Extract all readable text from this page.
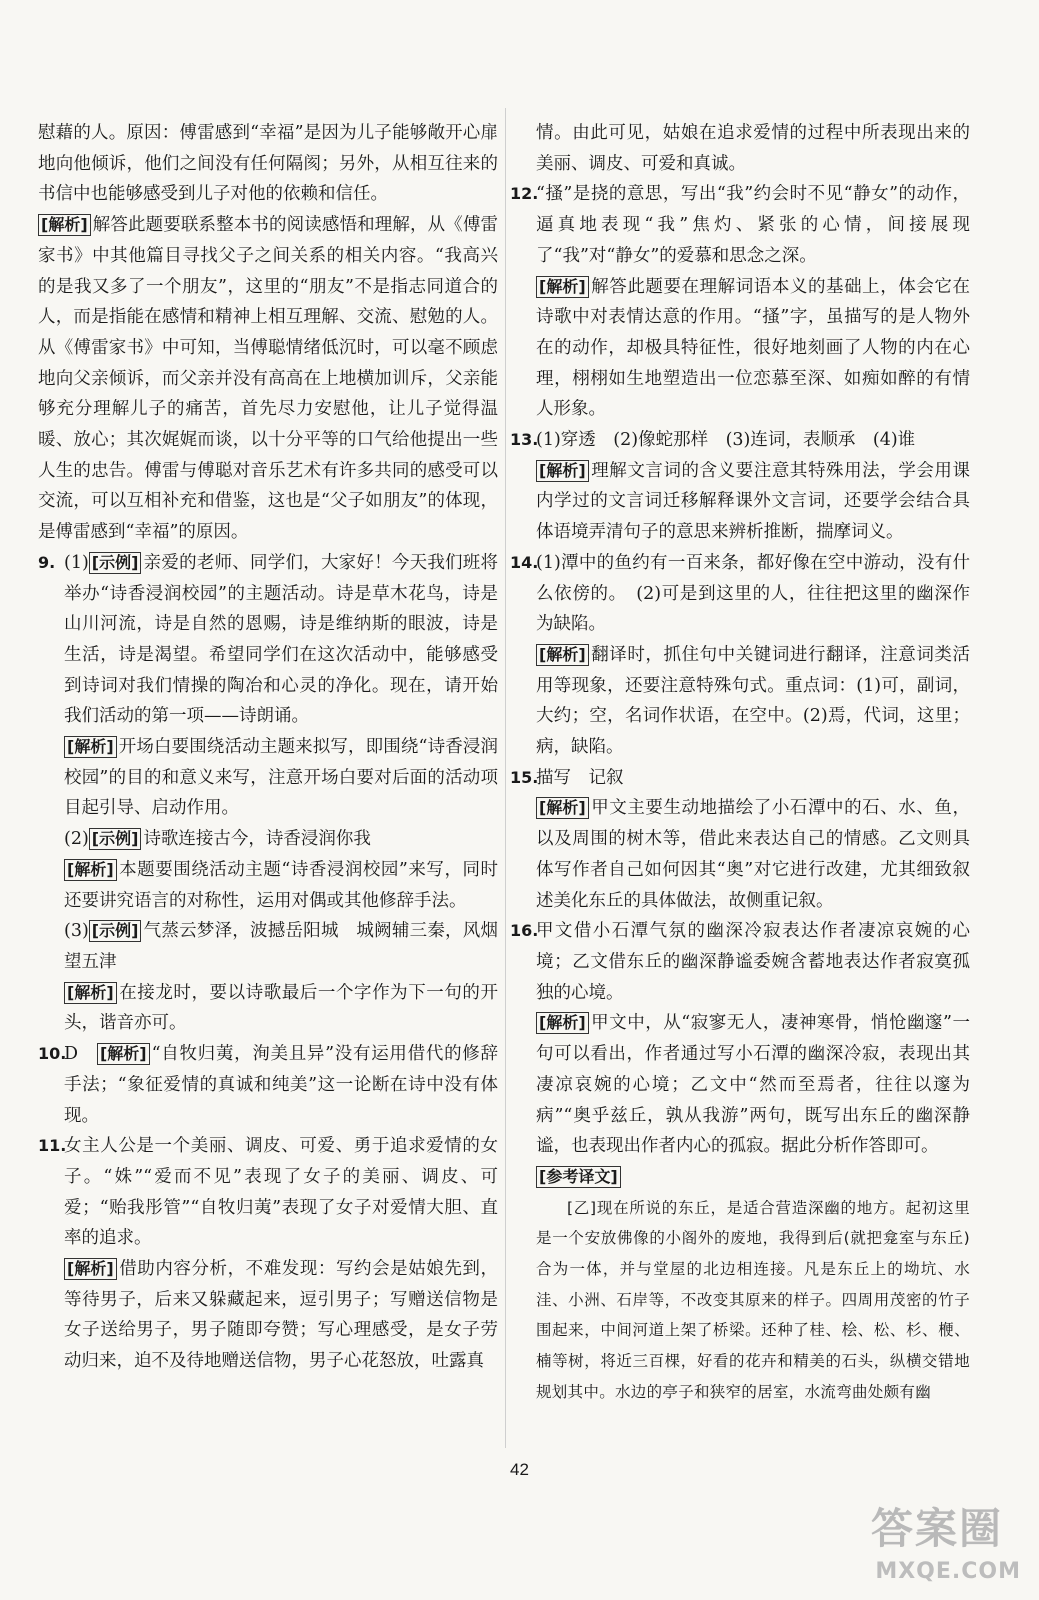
慰藉的人。原因：傅雷感到“幸福”是因为儿子能够敞开心扉地向他倾诉，他们之间没有任何隔阂；另外，从相互往来的书信中也能够感受到儿子对他的依赖和信任。

[ 解析 ] 解答此题要联系整本书的阅读感悟和理解，从《傅雷家书》中其他篇目寻找父子之间关系的相关内容。“我高兴的是我又多了一个朋友”，这里的“朋友”不是指志同道合的人，而是指能在感情和精神上相互理解、交流、慰勉的人。从《傅雷家书》中可知，当傅聪情绪低沉时，可以毫不顾虑地向父亲倾诉，而父亲并没有高高在上地横加训斥，父亲能够充分理解儿子的痛苦，首先尽力安慰他，让儿子觉得温暖、放心；其次娓娓而谈，以十分平等的口气给他提出一些人生的忠告。傅雷与傅聪对音乐艺术有许多共同的感受可以交流，可以互相补充和借鉴，这也是“父子如朋友”的体现，是傅雷感到“幸福”的原因。

9. (1) [ 示例 ] 亲爱的老师、同学们，大家好！今天我们班将举办“诗香浸润校园”的主题活动。诗是草木花鸟，诗是山川河流，诗是自然的恩赐，诗是维纳斯的眼波，诗是生活，诗是渴望。希望同学们在这次活动中，能够感受到诗词对我们情操的陶冶和心灵的净化。现在，请开始我们活动的第一项——诗朗诵。

[ 解析 ] 开场白要围绕活动主题来拟写，即围绕“诗香浸润校园”的目的和意义来写，注意开场白要对后面的活动项目起引导、启动作用。

(2) [ 示例 ] 诗歌连接古今，诗香浸润你我

[ 解析 ] 本题要围绕活动主题“诗香浸润校园”来写，同时还要讲究语言的对称性，运用对偶或其他修辞手法。

(3) [ 示例 ] 气蒸云梦泽，波撼岳阳城　城阙辅三秦，风烟望五津

[ 解析 ] 在接龙时，要以诗歌最后一个字作为下一句的开头，谐音亦可。

10.

D　[ 解析 ] “自牧归荑，洵美且异”没有运用借代的修辞手法；“象征爱情的真诚和纯美”这一论断在诗中没有体现。

11.

女主人公是一个美丽、调皮、可爱、勇于追求爱情的女子。“姝”“爱而不见”表现了女子的美丽、调皮、可爱；“贻我彤管”“自牧归荑”表现了女子对爱情大胆、直率的追求。

[ 解析 ] 借助内容分析，不难发现：写约会是姑娘先到，等待男子，后来又躲藏起来，逗引男子；写赠送信物是女子送给男子，男子随即夸赞；写心理感受，是女子劳动归来，迫不及待地赠送信物，男子心花怒放，吐露真

情。由此可见，姑娘在追求爱情的过程中所表现出来的美丽、调皮、可爱和真诚。

12.

“搔”是挠的意思，写出“我”约会时不见“静女”的动作，逼真地表现“我”焦灼、紧张的心情，间接展现了“我”对“静女”的爱慕和思念之深。

[ 解析 ] 解答此题要在理解词语本义的基础上，体会它在诗歌中对表情达意的作用。“搔”字，虽描写的是人物外在的动作，却极具特征性，很好地刻画了人物的内在心理，栩栩如生地塑造出一位恋慕至深、如痴如醉的有情人形象。

13.

(1)穿透　(2)像蛇那样　(3)连词，表顺承　(4)谁

[ 解析 ] 理解文言词的含义要注意其特殊用法，学会用课内学过的文言词迁移解释课外文言词，还要学会结合具体语境弄清句子的意思来辨析推断，揣摩词义。

14.

(1)潭中的鱼约有一百来条，都好像在空中游动，没有什么依傍的。　(2)可是到这里的人，往往把这里的幽深作为缺陷。

[ 解析 ] 翻译时，抓住句中关键词进行翻译，注意词类活用等现象，还要注意特殊句式。重点词：(1)可，副词，大约；空，名词作状语，在空中。(2)焉，代词，这里；病，缺陷。

15.

描写　记叙

[ 解析 ] 甲文主要生动地描绘了小石潭中的石、水、鱼，以及周围的树木等，借此来表达自己的情感。乙文则具体写作者自己如何因其“奥”对它进行改建，尤其细致叙述美化东丘的具体做法，故侧重记叙。

16.

甲文借小石潭气氛的幽深冷寂表达作者凄凉哀婉的心境；乙文借东丘的幽深静谧委婉含蓄地表达作者寂寞孤独的心境。

[ 解析 ] 甲文中，从“寂寥无人，凄神寒骨，悄怆幽邃”一句可以看出，作者通过写小石潭的幽深冷寂，表现出其凄凉哀婉的心境；乙文中“然而至焉者，往往以邃为病”“奥乎兹丘，孰从我游”两句，既写出东丘的幽深静谧，也表现出作者内心的孤寂。据此分析作答即可。

[ 参考译文 ]

[乙]现在所说的东丘，是适合营造深幽的地方。起初这里是一个安放佛像的小阁外的废地，我得到后(就把龛室与东丘)合为一体，并与堂屋的北边相连接。凡是东丘上的坳坑、水洼、小洲、石岸等，不改变其原来的样子。四周用茂密的竹子围起来，中间河道上架了桥梁。还种了桂、桧、松、杉、楩、楠等树，将近三百棵，好看的花卉和精美的石头，纵横交错地规划其中。水边的亭子和狭窄的居室，水流弯曲处颇有幽

42
答案圈
MXQE.COM
